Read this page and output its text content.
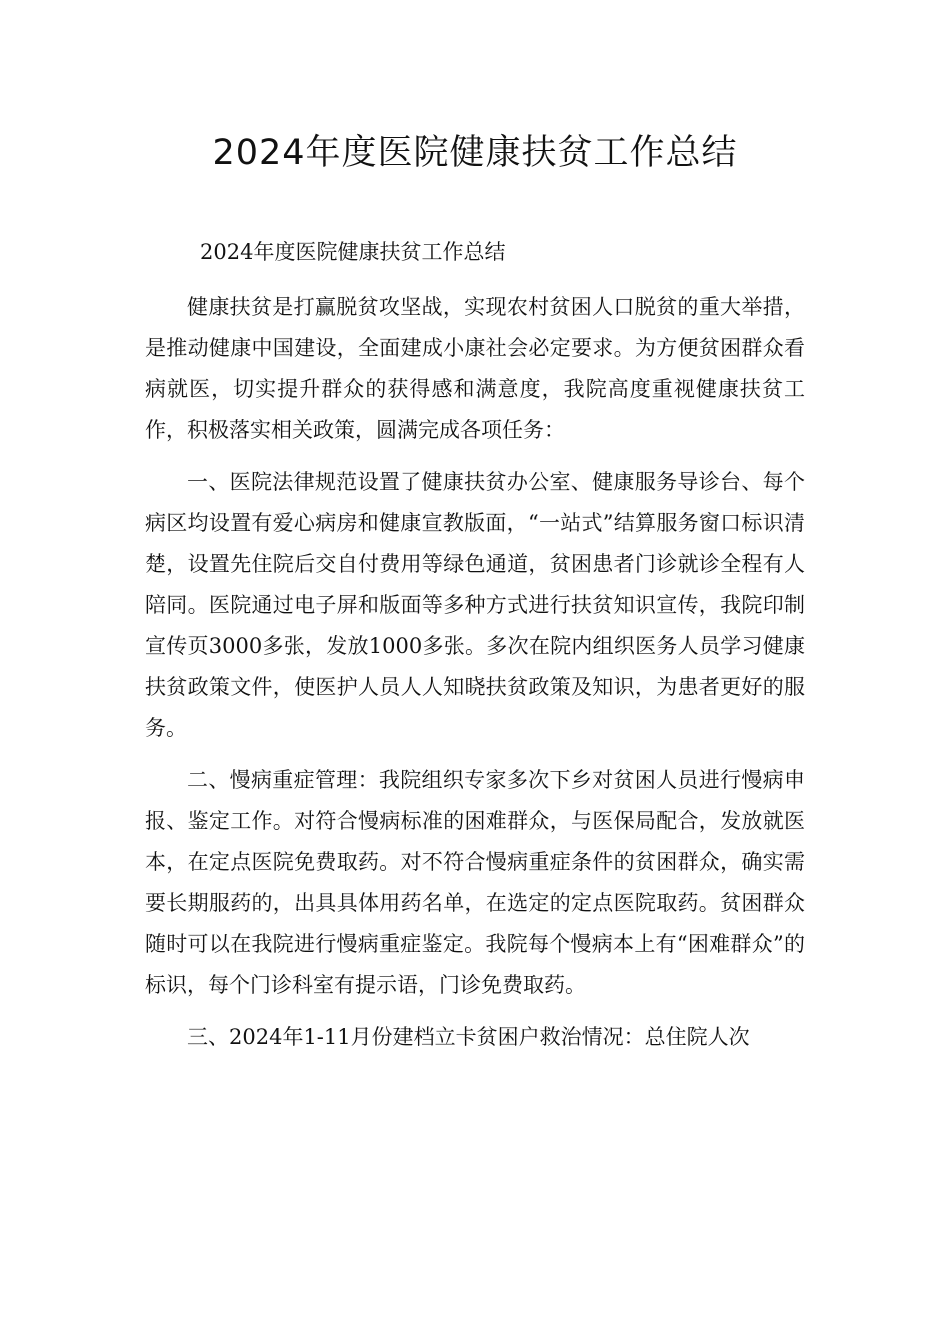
2024年度医院健康扶贫工作总结

2024年度医院健康扶贫工作总结

健康扶贫是打赢脱贫攻坚战，实现农村贫困人口脱贫的重大举措，是推动健康中国建设，全面建成小康社会必定要求。为方便贫困群众看病就医，切实提升群众的获得感和满意度，我院高度重视健康扶贫工作，积极落实相关政策，圆满完成各项任务：

一、医院法律规范设置了健康扶贫办公室、健康服务导诊台、每个病区均设置有爱心病房和健康宣教版面，“一站式”结算服务窗口标识清楚，设置先住院后交自付费用等绿色通道，贫困患者门诊就诊全程有人陪同。医院通过电子屏和版面等多种方式进行扶贫知识宣传，我院印制宣传页3000多张，发放1000多张。多次在院内组织医务人员学习健康扶贫政策文件，使医护人员人人知晓扶贫政策及知识，为患者更好的服务。

二、慢病重症管理：我院组织专家多次下乡对贫困人员进行慢病申报、鉴定工作。对符合慢病标准的困难群众，与医保局配合，发放就医本，在定点医院免费取药。对不符合慢病重症条件的贫困群众，确实需要长期服药的，出具具体用药名单，在选定的定点医院取药。贫困群众随时可以在我院进行慢病重症鉴定。我院每个慢病本上有“困难群众”的标识，每个门诊科室有提示语，门诊免费取药。

三、2024年1-11月份建档立卡贫困户救治情况：总住院人次
